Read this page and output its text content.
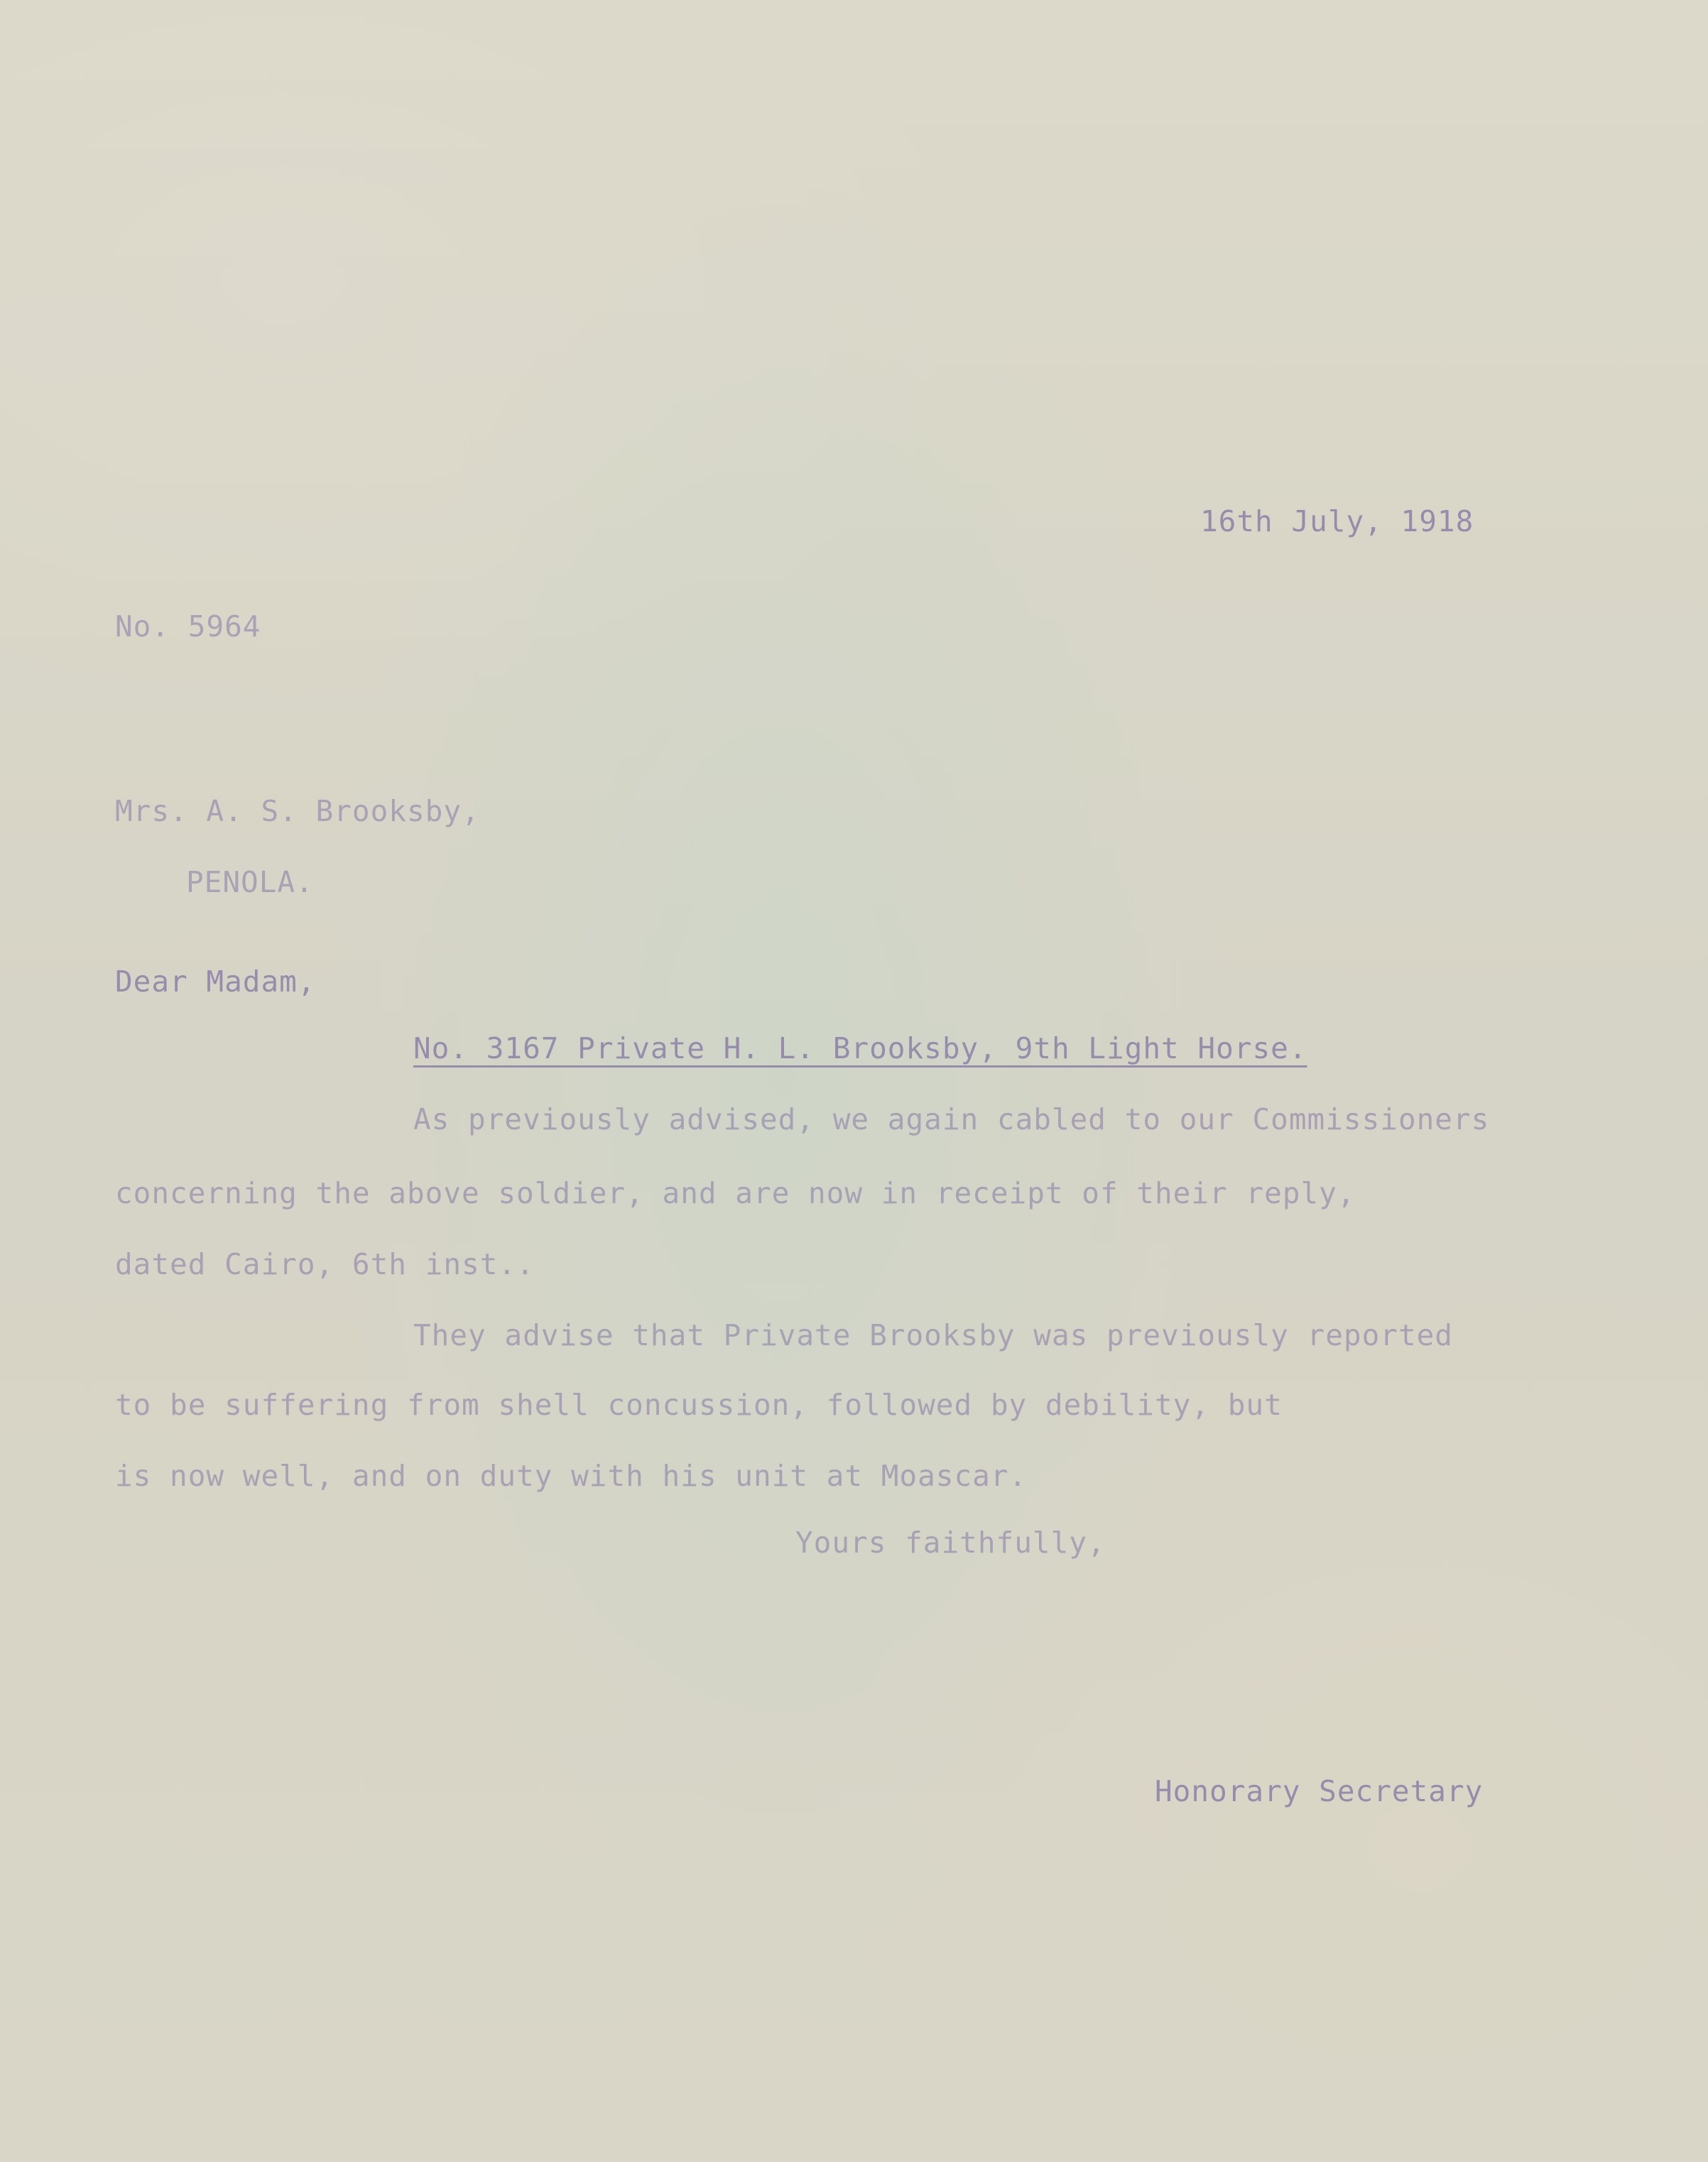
16th July, 1918
No. 5964
Mrs. A. S. Brooksby,
PENOLA.
Dear Madam,
No. 3167 Private H. L. Brooksby, 9th Light Horse.
As previously advised, we again cabled to our Commissioners
concerning the above soldier, and are now in receipt of their reply,
dated Cairo, 6th inst..
They advise that Private Brooksby was previously reported
to be suffering from shell concussion, followed by debility, but
is now well, and on duty with his unit at Moascar.
Yours faithfully,
Honorary Secretary
